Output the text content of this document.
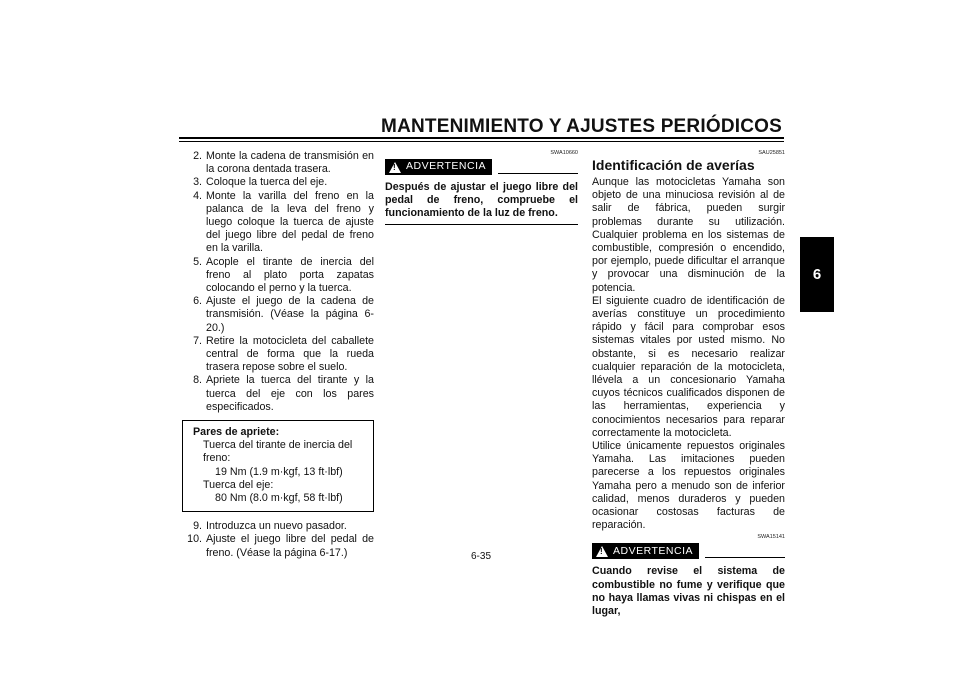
MANTENIMIENTO Y AJUSTES PERIÓDICOS
6
2. Monte la cadena de transmisión en la corona dentada trasera.
3. Coloque la tuerca del eje.
4. Monte la varilla del freno en la palanca de la leva del freno y luego coloque la tuerca de ajuste del juego libre del pedal de freno en la varilla.
5. Acople el tirante de inercia del freno al plato porta zapatas colocando el perno y la tuerca.
6. Ajuste el juego de la cadena de transmisión. (Véase la página 6-20.)
7. Retire la motocicleta del caballete central de forma que la rueda trasera repose sobre el suelo.
8. Apriete la tuerca del tirante y la tuerca del eje con los pares especificados.
Pares de apriete:
Tuerca del tirante de inercia del freno:
19 Nm (1.9 m·kgf, 13 ft·lbf)
Tuerca del eje:
80 Nm (8.0 m·kgf, 58 ft·lbf)
9. Introduzca un nuevo pasador.
10. Ajuste el juego libre del pedal de freno. (Véase la página 6-17.)
SWA10660
! ADVERTENCIA
Después de ajustar el juego libre del pedal de freno, compruebe el funcionamiento de la luz de freno.
SAU25851
Identificación de averías

Aunque las motocicletas Yamaha son objeto de una minuciosa revisión al de salir de fábrica, pueden surgir problemas durante su utilización. Cualquier problema en los sistemas de combustible, compresión o encendido, por ejemplo, puede dificultar el arranque y provocar una disminución de la potencia.

El siguiente cuadro de identificación de averías constituye un procedimiento rápido y fácil para comprobar esos sistemas vitales por usted mismo. No obstante, si es necesario realizar cualquier reparación de la motocicleta, llévela a un concesionario Yamaha cuyos técnicos cualificados disponen de las herramientas, experiencia y conocimientos necesarios para reparar correctamente la motocicleta.

Utilice únicamente repuestos originales Yamaha. Las imitaciones pueden parecerse a los repuestos originales Yamaha pero a menudo son de inferior calidad, menos duraderos y pueden ocasionar costosas facturas de reparación.

SWA15141
! ADVERTENCIA
Cuando revise el sistema de combustible no fume y verifique que no haya llamas vivas ni chispas en el lugar,
6-35
